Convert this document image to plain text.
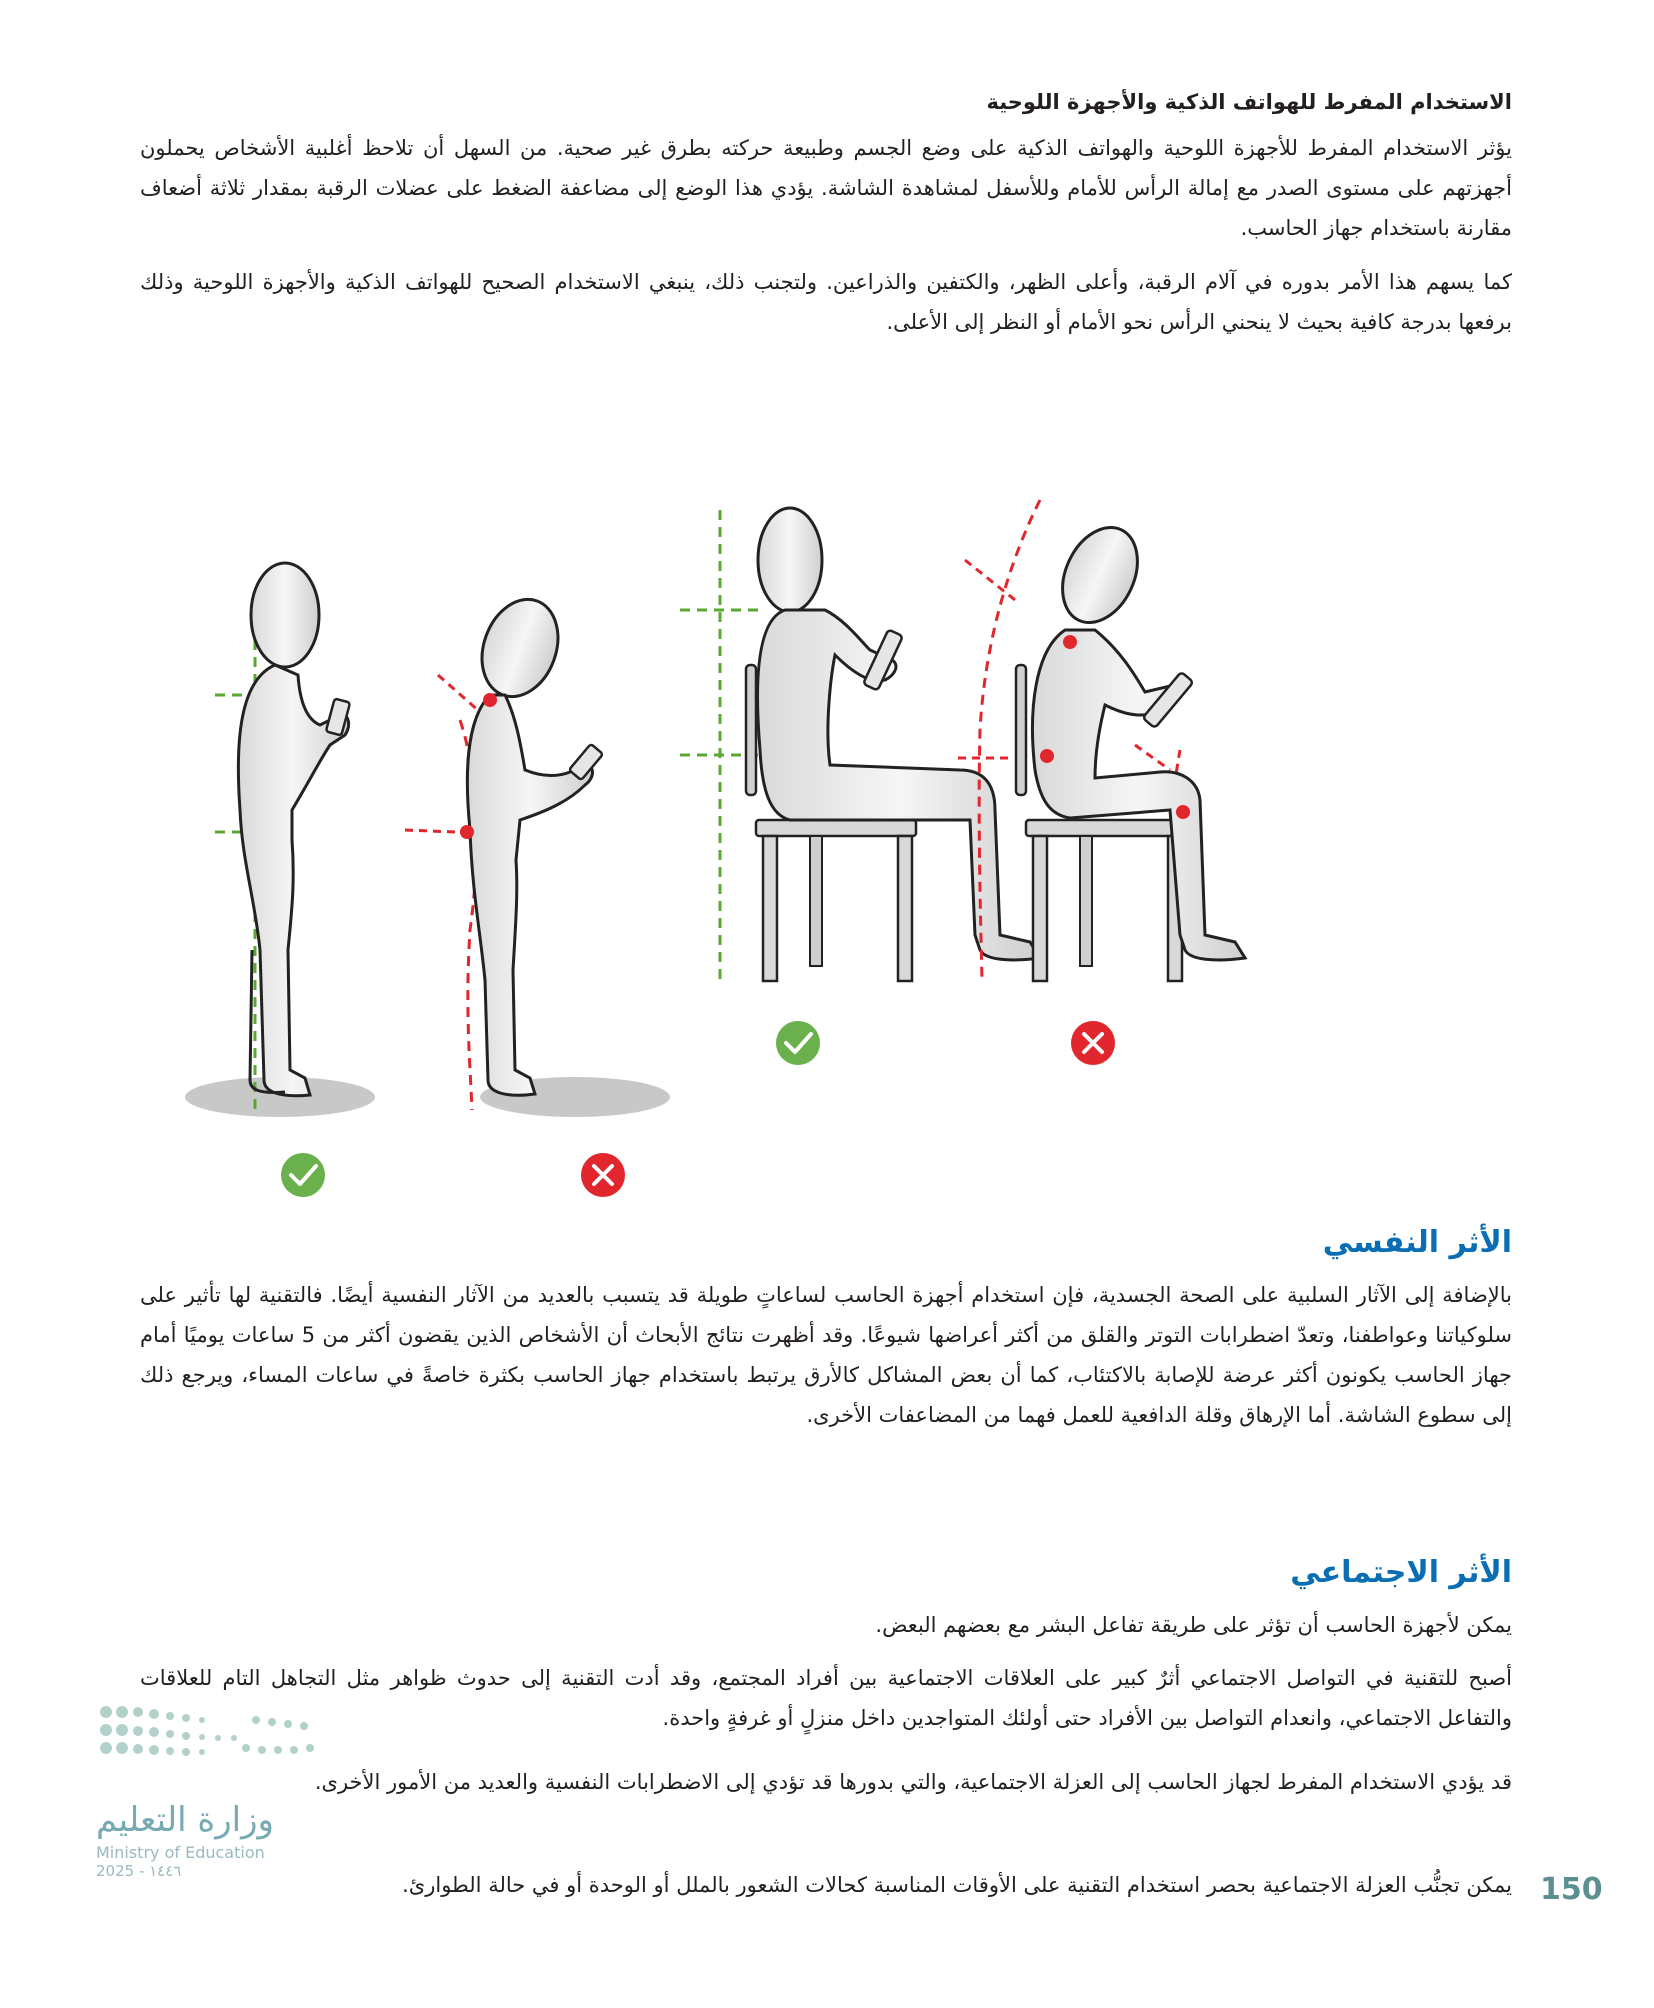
الاستخدام المفرط للهواتف الذكية والأجهزة اللوحية
يؤثر الاستخدام المفرط للأجهزة اللوحية والهواتف الذكية على وضع الجسم وطبيعة حركته بطرق غير صحية. من السهل أن تلاحظ أغلبية الأشخاص يحملون أجهزتهم على مستوى الصدر مع إمالة الرأس للأمام وللأسفل لمشاهدة الشاشة. يؤدي هذا الوضع إلى مضاعفة الضغط على عضلات الرقبة بمقدار ثلاثة أضعاف مقارنة باستخدام جهاز الحاسب.
كما يسهم هذا الأمر بدوره في آلام الرقبة، وأعلى الظهر، والكتفين والذراعين. ولتجنب ذلك، ينبغي الاستخدام الصحيح للهواتف الذكية والأجهزة اللوحية وذلك برفعها بدرجة كافية بحيث لا ينحني الرأس نحو الأمام أو النظر إلى الأعلى.
الأثر النفسي
بالإضافة إلى الآثار السلبية على الصحة الجسدية، فإن استخدام أجهزة الحاسب لساعاتٍ طويلة قد يتسبب بالعديد من الآثار النفسية أيضًا. فالتقنية لها تأثير على سلوكياتنا وعواطفنا، وتعدّ اضطرابات التوتر والقلق من أكثر أعراضها شيوعًا. وقد أظهرت نتائج الأبحاث أن الأشخاص الذين يقضون أكثر من 5 ساعات يوميًا أمام جهاز الحاسب يكونون أكثر عرضة للإصابة بالاكتئاب، كما أن بعض المشاكل كالأرق يرتبط باستخدام جهاز الحاسب بكثرة خاصةً في ساعات المساء، ويرجع ذلك إلى سطوع الشاشة. أما الإرهاق وقلة الدافعية للعمل فهما من المضاعفات الأخرى.
الأثر الاجتماعي
يمكن لأجهزة الحاسب أن تؤثر على طريقة تفاعل البشر مع بعضهم البعض.
أصبح للتقنية في التواصل الاجتماعي أثرٌ كبير على العلاقات الاجتماعية بين أفراد المجتمع، وقد أدت التقنية إلى حدوث ظواهر مثل التجاهل التام للعلاقات والتفاعل الاجتماعي، وانعدام التواصل بين الأفراد حتى أولئك المتواجدين داخل منزلٍ أو غرفةٍ واحدة.
قد يؤدي الاستخدام المفرط لجهاز الحاسب إلى العزلة الاجتماعية، والتي بدورها قد تؤدي إلى الاضطرابات النفسية والعديد من الأمور الأخرى.
يمكن تجنُّب العزلة الاجتماعية بحصر استخدام التقنية على الأوقات المناسبة كحالات الشعور بالملل أو الوحدة أو في حالة الطوارئ.
وزارة التعليم
Ministry of Education
2025 - ١٤٤٦
150
